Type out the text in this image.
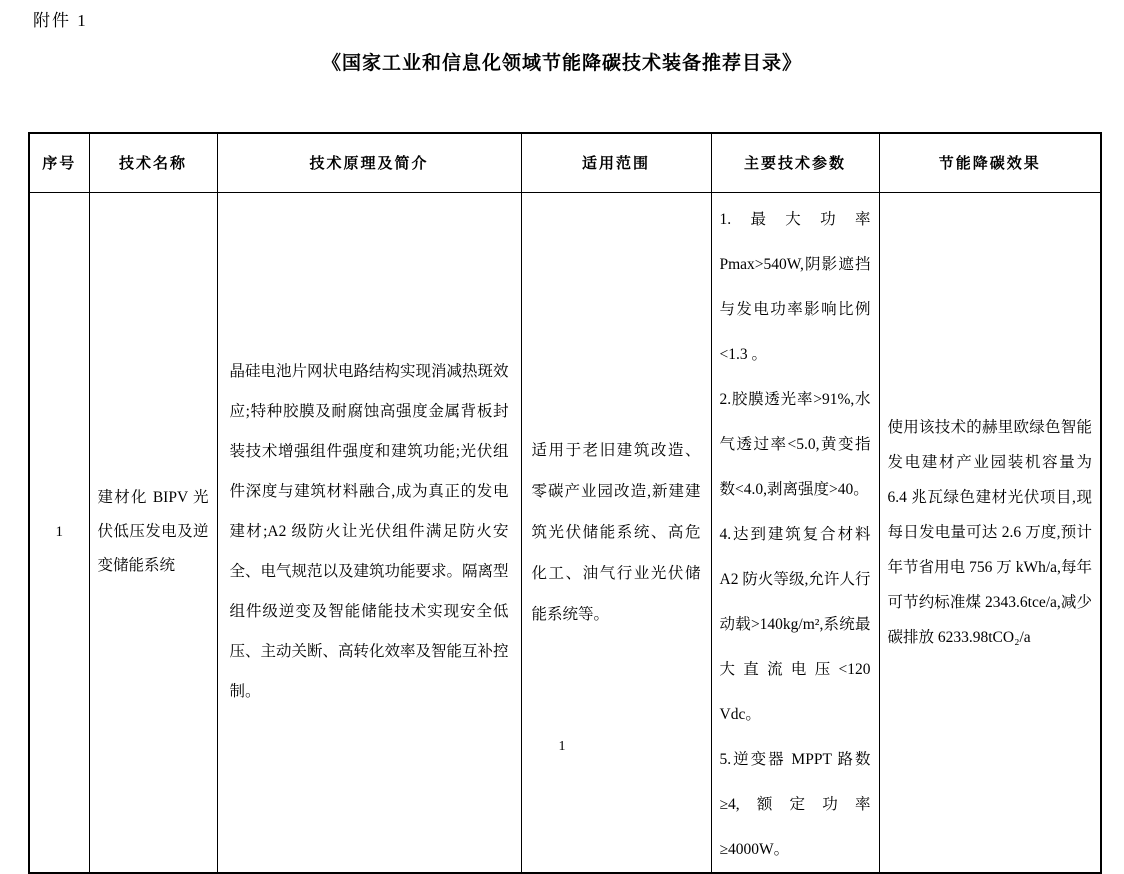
附件 1
《国家工业和信息化领域节能降碳技术装备推荐目录》
序号	技术名称	技术原理及简介	适用范围	主要技术参数	节能降碳效果
1	建材化 BIPV 光伏低压发电及逆变储能系统	晶硅电池片网状电路结构实现消减热斑效应;特种胶膜及耐腐蚀高强度金属背板封装技术增强组件强度和建筑功能;光伏组件深度与建筑材料融合,成为真正的发电建材;A2 级防火让光伏组件满足防火安全、电气规范以及建筑功能要求。隔离型组件级逆变及智能储能技术实现安全低压、主动关断、高转化效率及智能互补控制。	适用于老旧建筑改造、零碳产业园改造,新建建筑光伏储能系统、高危化工、油气行业光伏储能系统等。	1.最大功率 Pmax>540W,阴影遮挡与发电功率影响比例<1.3 。

2.胶膜透光率>91%,水气透过率<5.0,黄变指数<4.0,剥离强度>40。

4.达到建筑复合材料 A2 防火等级,允许人行动载>140kg/m²,系统最大直流电压<120 Vdc。

5.逆变器 MPPT 路数≥4,额定功率≥4000W。	使用该技术的赫里欧绿色智能发电建材产业园装机容量为 6.4 兆瓦绿色建材光伏项目,现每日发电量可达 2.6 万度,预计年节省用电 756 万 kWh/a,每年可节约标准煤 2343.6tce/a,减少碳排放 6233.98tCO₂/a
1
